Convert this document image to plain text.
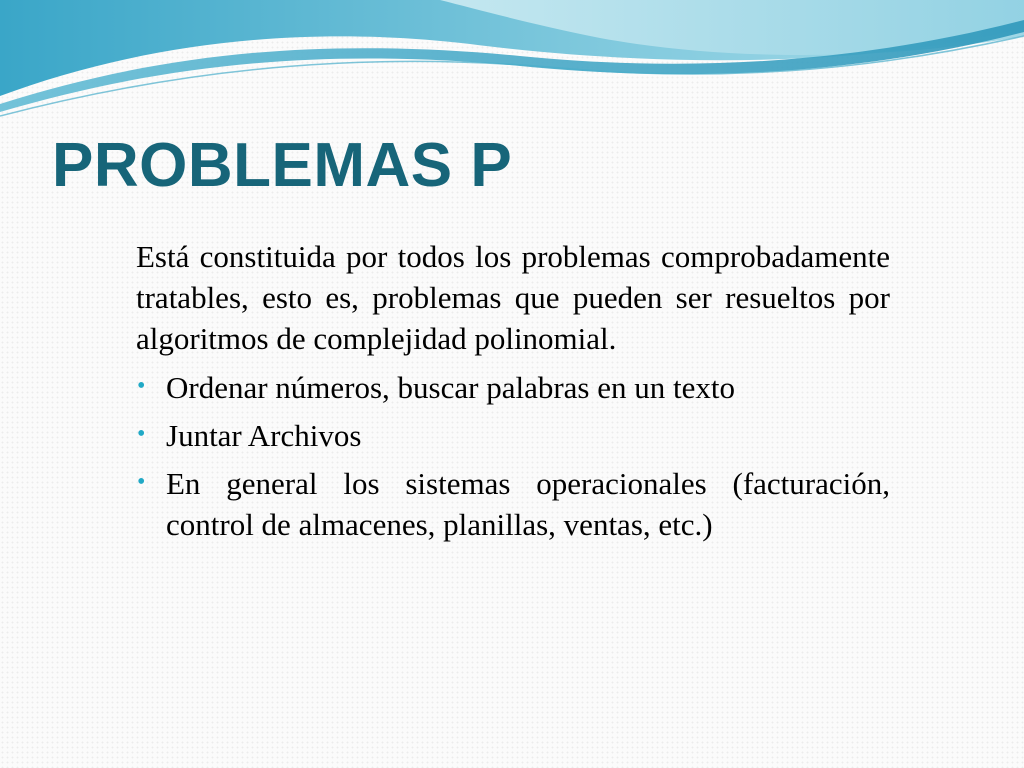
PROBLEMAS P

Está constituida por todos los problemas comprobadamente tratables, esto es, problemas que pueden ser resueltos por algoritmos de complejidad polinomial.

• Ordenar números, buscar palabras en un texto
• Juntar Archivos
• En general los sistemas operacionales (facturación, control de almacenes, planillas, ventas, etc.)
